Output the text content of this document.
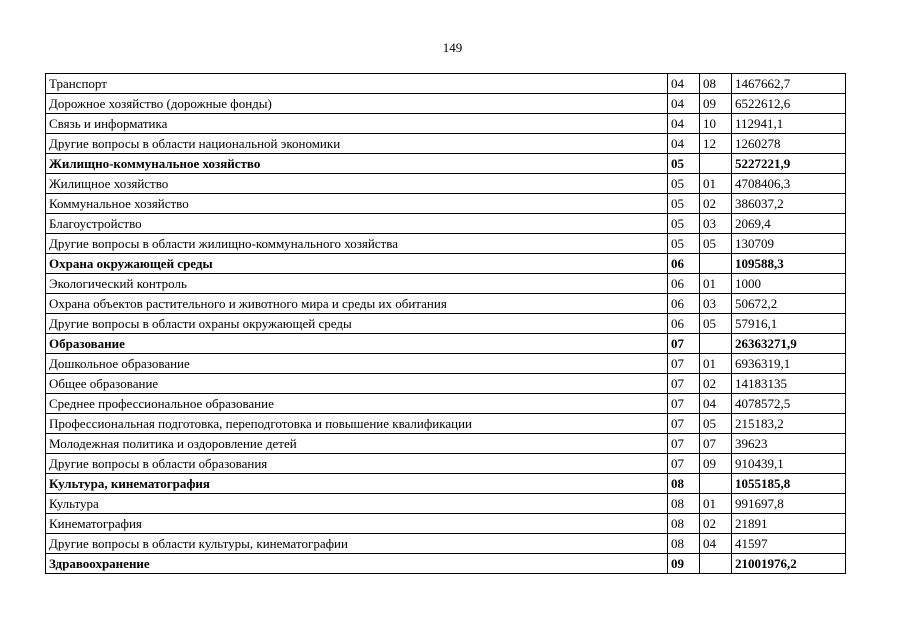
149
Транспорт	04	08	1467662,7
Дорожное хозяйство (дорожные фонды)	04	09	6522612,6
Связь и информатика	04	10	112941,1
Другие вопросы в области национальной экономики	04	12	1260278
Жилищно-коммунальное хозяйство	05		5227221,9
Жилищное хозяйство	05	01	4708406,3
Коммунальное хозяйство	05	02	386037,2
Благоустройство	05	03	2069,4
Другие вопросы в области жилищно-коммунального хозяйства	05	05	130709
Охрана окружающей среды	06		109588,3
Экологический контроль	06	01	1000
Охрана объектов растительного и животного мира и среды их обитания	06	03	50672,2
Другие вопросы в области охраны окружающей среды	06	05	57916,1
Образование	07		26363271,9
Дошкольное образование	07	01	6936319,1
Общее образование	07	02	14183135
Среднее профессиональное образование	07	04	4078572,5
Профессиональная подготовка, переподготовка и повышение квалификации	07	05	215183,2
Молодежная политика и оздоровление детей	07	07	39623
Другие вопросы в области образования	07	09	910439,1
Культура, кинематография	08		1055185,8
Культура	08	01	991697,8
Кинематография	08	02	21891
Другие вопросы в области культуры, кинематографии	08	04	41597
Здравоохранение	09		21001976,2
